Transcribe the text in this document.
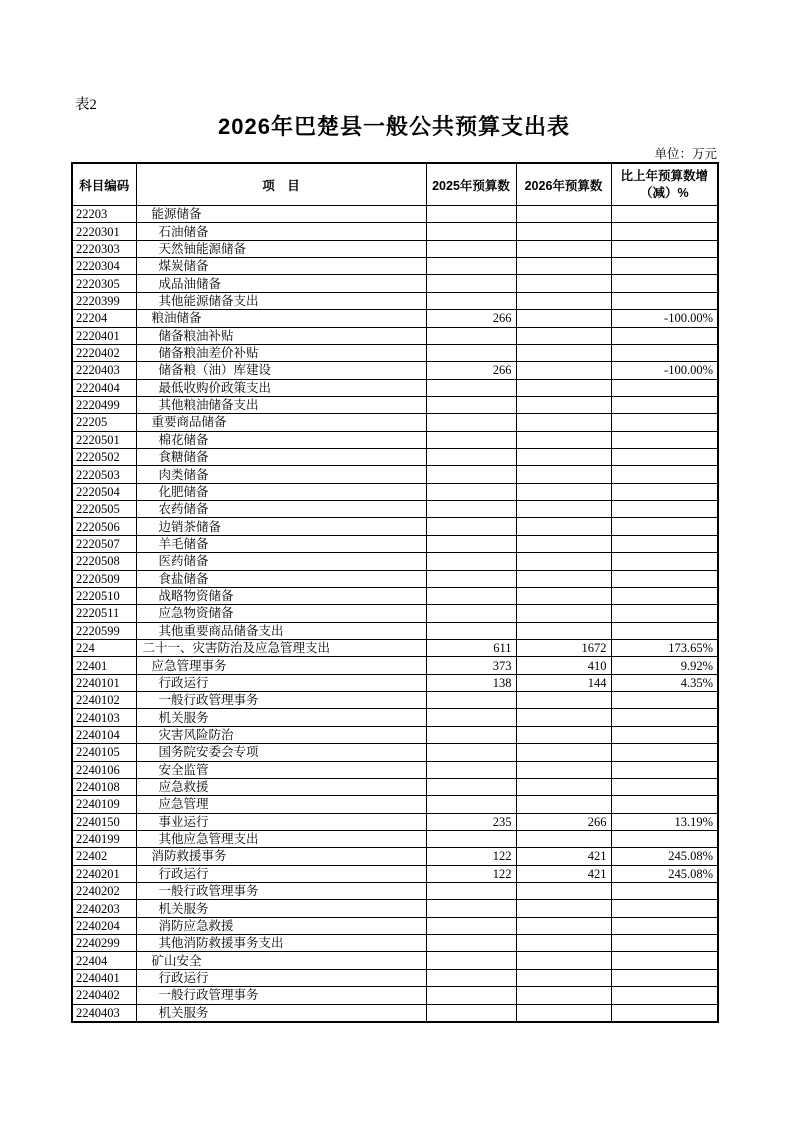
表2
2026年巴楚县一般公共预算支出表
单位：万元
科目编码	项　目	2025年预算数	2026年预算数	比上年预算数增
（减）%

22203	能源储备			
2220301	石油储备			
2220303	天然铀能源储备			
2220304	煤炭储备			
2220305	成品油储备			
2220399	其他能源储备支出			
22204	粮油储备	266		-100.00%
2220401	储备粮油补贴			
2220402	储备粮油差价补贴			
2220403	储备粮（油）库建设	266		-100.00%
2220404	最低收购价政策支出			
2220499	其他粮油储备支出			
22205	重要商品储备			
2220501	棉花储备			
2220502	食糖储备			
2220503	肉类储备			
2220504	化肥储备			
2220505	农药储备			
2220506	边销茶储备			
2220507	羊毛储备			
2220508	医药储备			
2220509	食盐储备			
2220510	战略物资储备			
2220511	应急物资储备			
2220599	其他重要商品储备支出			
224	二十一、灾害防治及应急管理支出	611	1672	173.65%
22401	应急管理事务	373	410	9.92%
2240101	行政运行	138	144	4.35%
2240102	一般行政管理事务			
2240103	机关服务			
2240104	灾害风险防治			
2240105	国务院安委会专项			
2240106	安全监管			
2240108	应急救援			
2240109	应急管理			
2240150	事业运行	235	266	13.19%
2240199	其他应急管理支出			
22402	消防救援事务	122	421	245.08%
2240201	行政运行	122	421	245.08%
2240202	一般行政管理事务			
2240203	机关服务			
2240204	消防应急救援			
2240299	其他消防救援事务支出			
22404	矿山安全			
2240401	行政运行			
2240402	一般行政管理事务			
2240403	机关服务			
